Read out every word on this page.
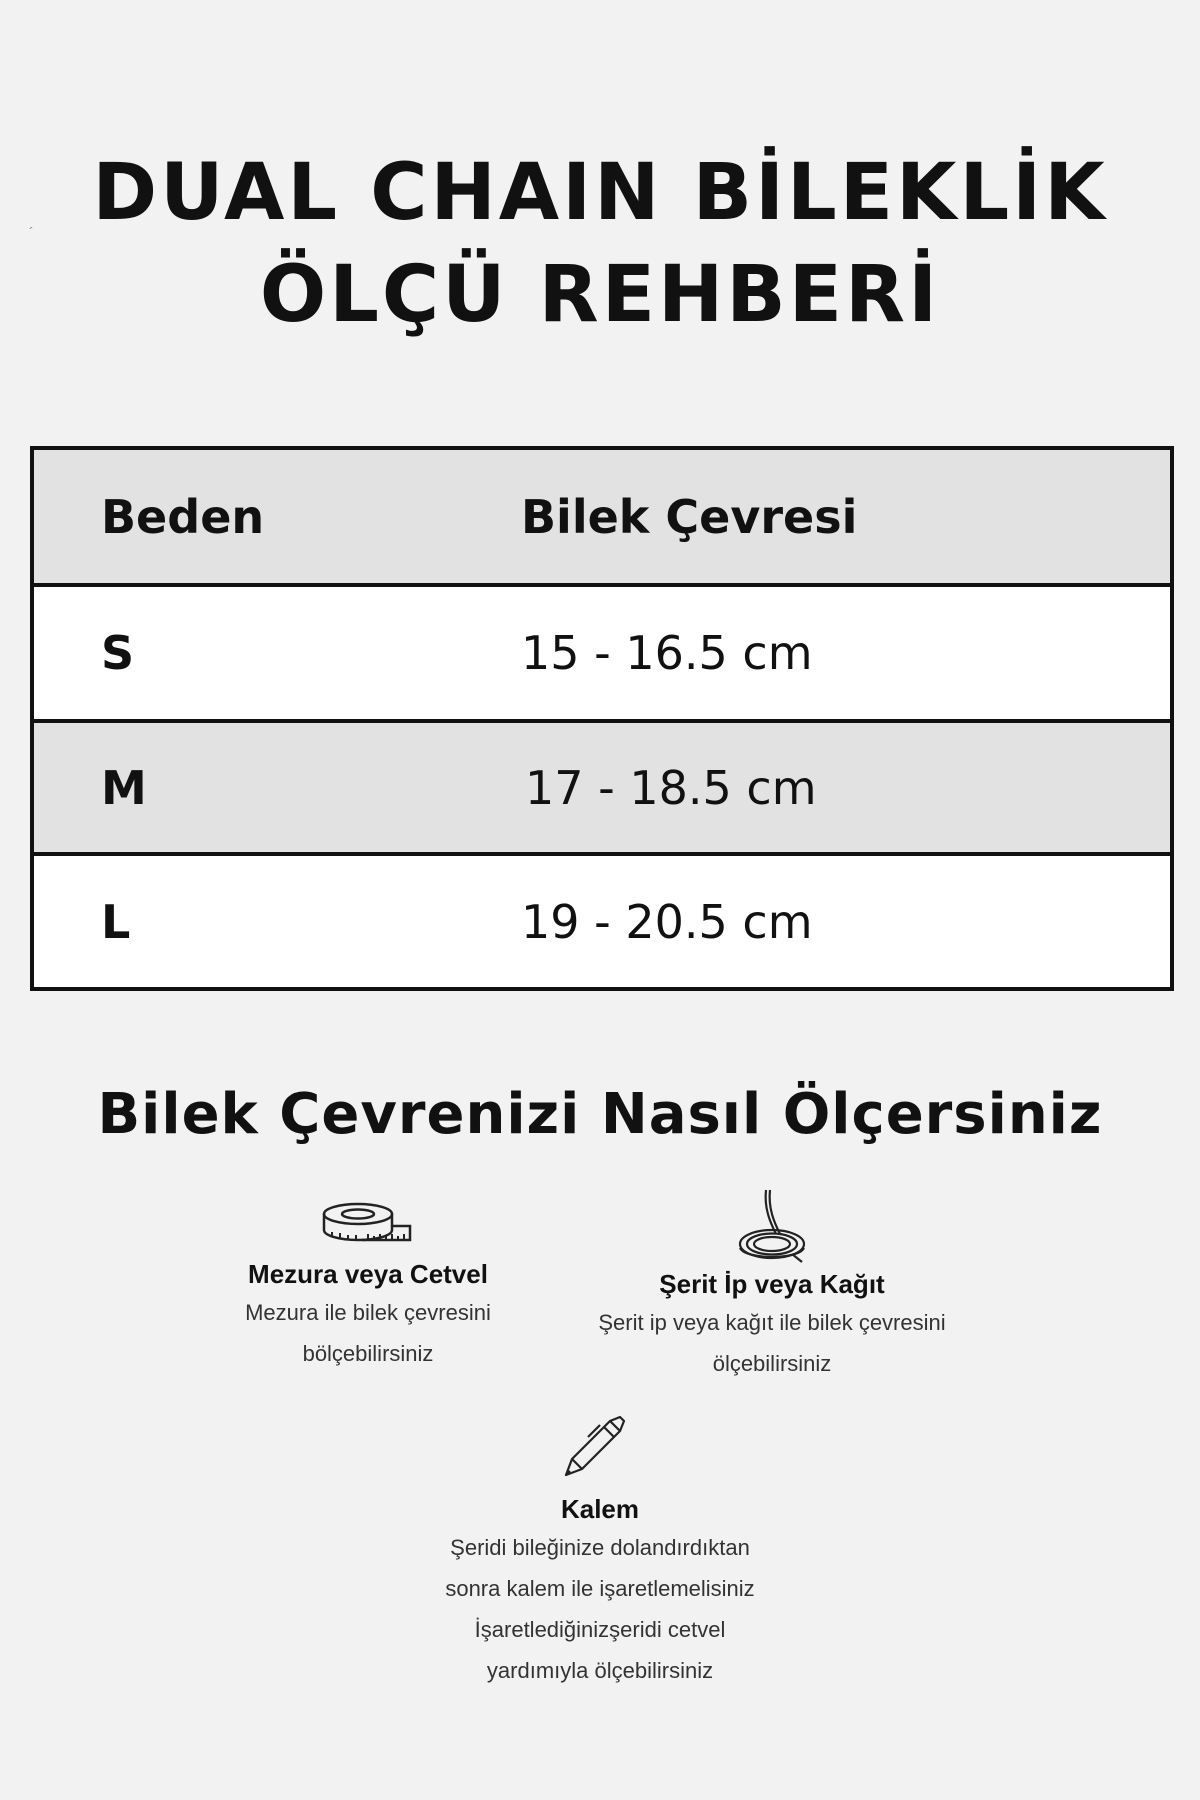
´ DUAL CHAIN BİLEKLİK
ÖLÇÜ REHBERİ
Beden	Bilek Çevresi
S	15 - 16.5 cm
M	17 - 18.5 cm
L	19 - 20.5 cm
Bilek Çevrenizi Nasıl Ölçersiniz
Mezura veya Cetvel
Mezura ile bilek çevresini
bölçebilirsiniz
Şerit İp veya Kağıt
Şerit ip veya kağıt ile bilek çevresini
ölçebilirsiniz
Kalem
Şeridi bileğinize dolandırdıktan
sonra kalem ile işaretlemelisiniz
İşaretlediğinizşeridi cetvel
yardımıyla ölçebilirsiniz
